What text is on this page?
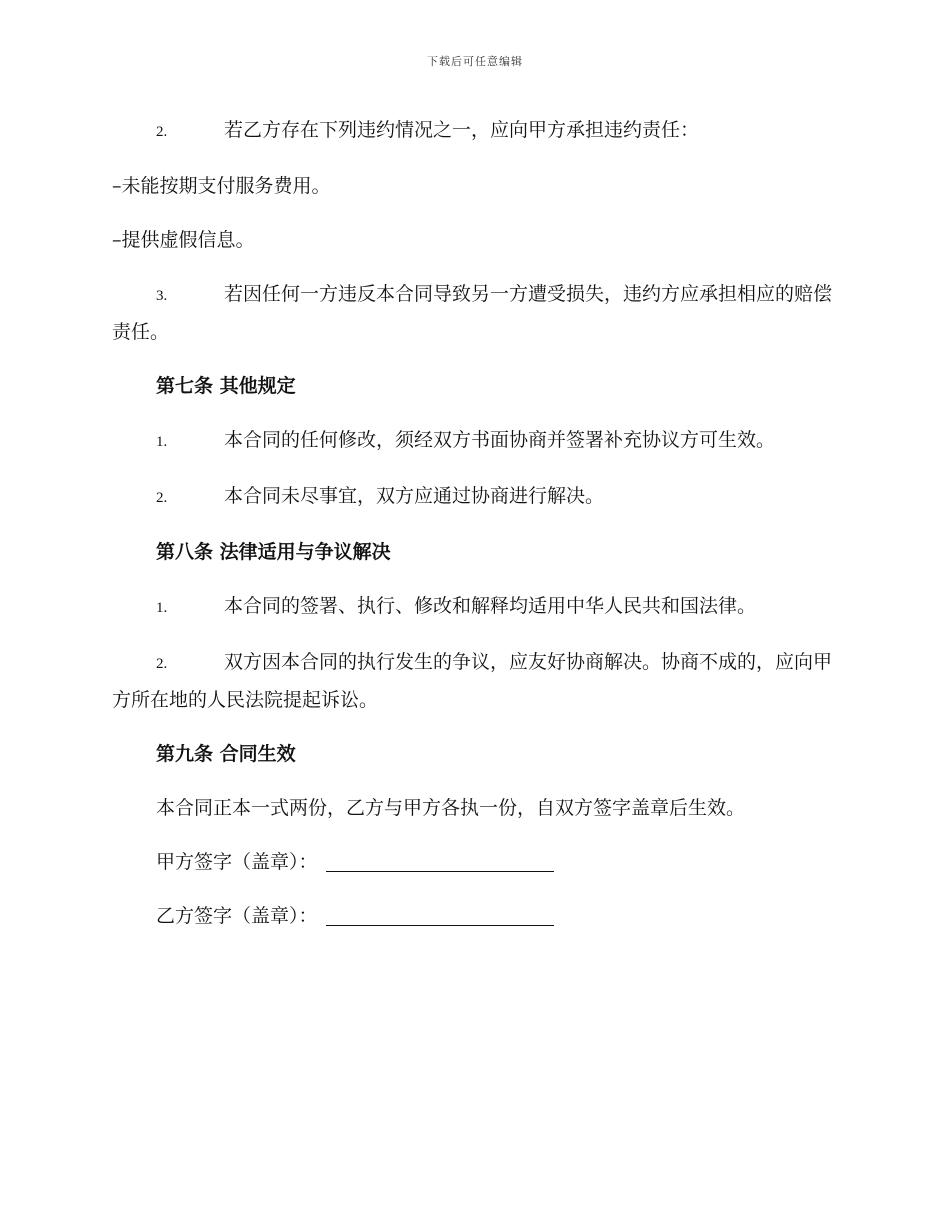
下载后可任意编辑
2.	若乙方存在下列违约情况之一，应向甲方承担违约责任：
–未能按期支付服务费用。
–提供虚假信息。
3.	若因任何一方违反本合同导致另一方遭受损失，违约方应承担相应的赔偿责任。
第七条 其他规定
1.	本合同的任何修改，须经双方书面协商并签署补充协议方可生效。
2.	本合同未尽事宜，双方应通过协商进行解决。
第八条 法律适用与争议解决
1.	本合同的签署、执行、修改和解释均适用中华人民共和国法律。
2.	双方因本合同的执行发生的争议，应友好协商解决。协商不成的，应向甲方所在地的人民法院提起诉讼。
第九条 合同生效
本合同正本一式两份，乙方与甲方各执一份，自双方签字盖章后生效。
甲方签字（盖章）：
乙方签字（盖章）：
